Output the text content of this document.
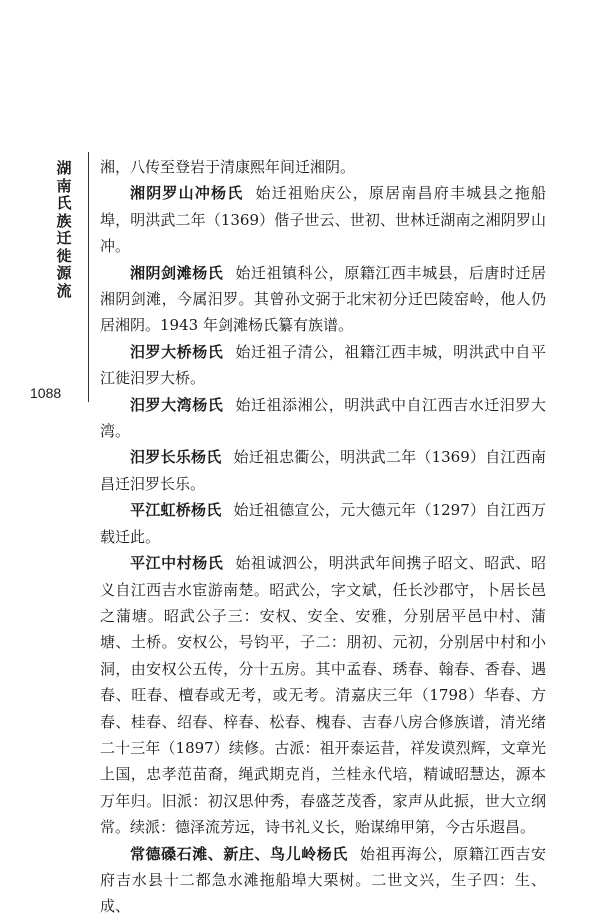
湖南氏族迁徙源流
1088

湘，八传至登岩于清康熙年间迁湘阴。

湘阴罗山冲杨氏 始迁祖贻庆公，原居南昌府丰城县之拖船埠，明洪武二年（1369）偕子世云、世初、世林迁湖南之湘阴罗山冲。

湘阴剑滩杨氏 始迁祖镇科公，原籍江西丰城县，后唐时迁居湘阴剑滩，今属汨罗。其曾孙文弼于北宋初分迁巴陵窑岭，他人仍居湘阴。1943 年剑滩杨氏纂有族谱。

汨罗大桥杨氏 始迁祖子清公，祖籍江西丰城，明洪武中自平江徙汨罗大桥。

汨罗大湾杨氏 始迁祖添湘公，明洪武中自江西吉水迁汨罗大湾。

汨罗长乐杨氏 始迁祖忠衢公，明洪武二年（1369）自江西南昌迁汨罗长乐。

平江虹桥杨氏 始迁祖德宣公，元大德元年（1297）自江西万载迁此。

平江中村杨氏 始祖诚泗公，明洪武年间携子昭文、昭武、昭义自江西吉水宦游南楚。昭武公，字文斌，任长沙郡守，卜居长邑之蒲塘。昭武公子三：安权、安全、安雅，分别居平邑中村、蒲塘、土桥。安权公，号钧平，子二：朋初、元初，分别居中村和小洞，由安权公五传，分十五房。其中孟春、琇春、翰春、香春、遇春、旺春、檀春或无考，或无考。清嘉庆三年（1798）华春、方春、桂春、绍春、梓春、松春、槐春、吉春八房合修族谱，清光绪二十三年（1897）续修。古派：祖开泰运昔，祥发谟烈辉，文章光上国，忠孝范苗裔，绳武期克肖，兰桂永代培，精诚昭慧达，源本万年归。旧派：初汉思仲秀，春盛芝茂香，家声从此振，世大立纲常。续派：德泽流芳远，诗书礼义长，贻谋绵甲第，今古乐遐昌。

常德磉石滩、新庄、鸟儿岭杨氏 始祖再海公，原籍江西吉安府吉水县十二都急水滩拖船埠大栗树。二世文兴，生子四：生、成、
